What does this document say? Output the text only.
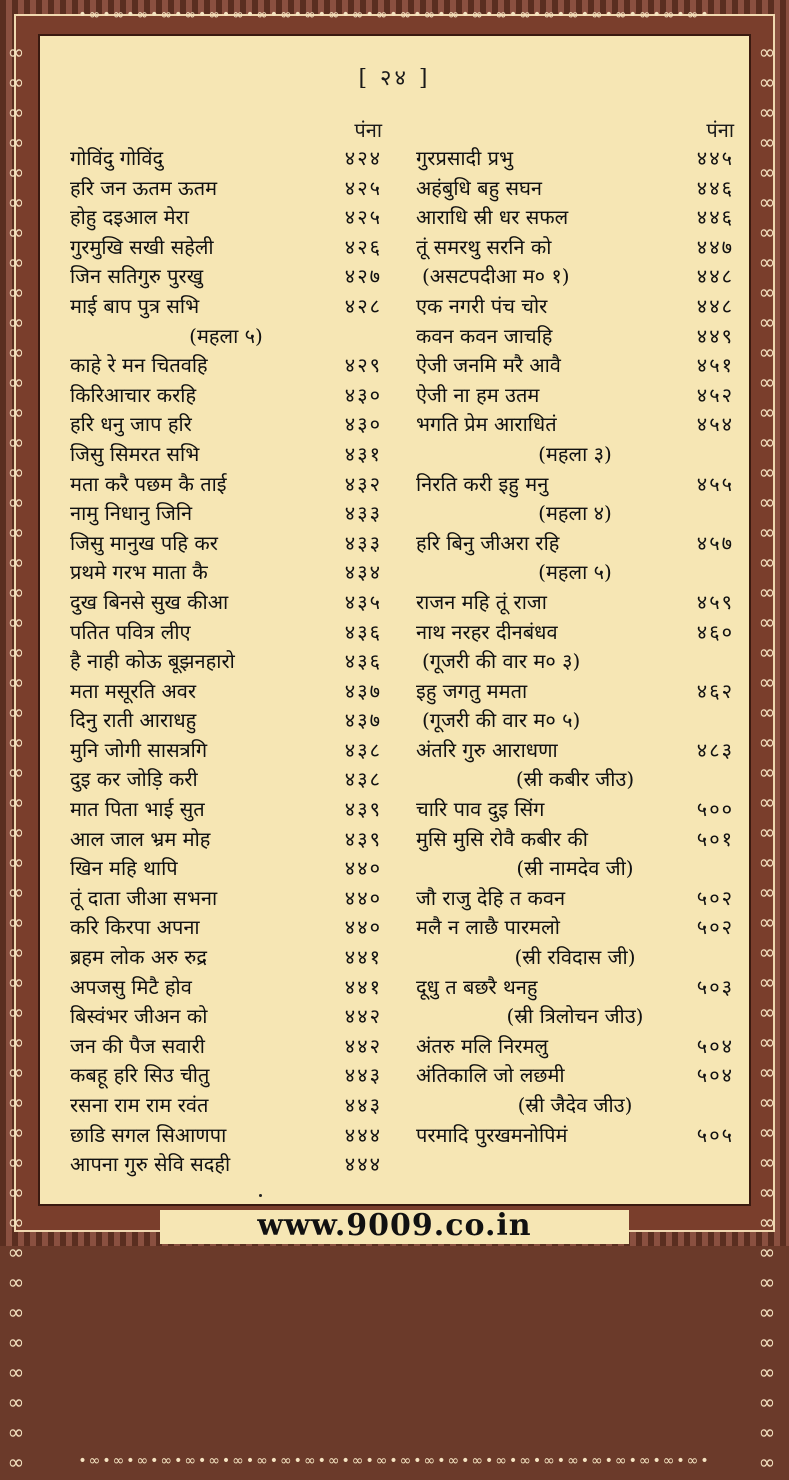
•∞•∞•∞•∞•∞•∞•∞•∞•∞•∞•∞•∞•∞•∞•∞•∞•∞•∞•∞•∞•∞•∞•∞•∞•∞•∞•
•∞•∞•∞•∞•∞•∞•∞•∞•∞•∞•∞•∞•∞•∞•∞•∞•∞•∞•∞•∞•∞•∞•∞•∞•∞•∞•
∞∞∞∞∞∞∞∞∞∞∞∞∞∞∞∞∞∞∞∞∞∞∞∞∞∞∞∞∞∞∞∞∞∞∞∞∞∞∞∞∞∞∞∞∞∞∞∞	∞∞∞∞∞∞∞∞∞∞∞∞∞∞∞∞∞∞∞∞∞∞∞∞∞∞∞∞∞∞∞∞∞∞∞∞∞∞∞∞∞∞∞∞∞∞∞∞
[ २४ ]
पंना
गोविंदु गोविंदु	४२४
हरि जन ऊतम ऊतम	४२५
होहु दइआल मेरा	४२५
गुरमुखि सखी सहेली	४२६
जिन सतिगुरु पुरखु	४२७
माई बाप पुत्र सभि	४२८
(महला ५)
काहे रे मन चितवहि	४२९
किरिआचार करहि	४३०
हरि धनु जाप हरि	४३०
जिसु सिमरत सभि	४३१
मता करै पछम कै ताई	४३२
नामु निधानु जिनि	४३३
जिसु मानुख पहि कर	४३३
प्रथमे गरभ माता कै	४३४
दुख बिनसे सुख कीआ	४३५
पतित पवित्र लीए	४३६
है नाही कोऊ बूझनहारो	४३६
मता मसूरति अवर	४३७
दिनु राती आराधहु	४३७
मुनि जोगी सासत्रगि	४३८
दुइ कर जोड़ि करी	४३८
मात पिता भाई सुत	४३९
आल जाल भ्रम मोह	४३९
खिन महि थापि	४४०
तूं दाता जीआ सभना	४४०
करि किरपा अपना	४४०
ब्रहम लोक अरु रुद्र	४४१
अपजसु मिटै होव	४४१
बिस्वंभर जीअन को	४४२
जन की पैज सवारी	४४२
कबहू हरि सिउ चीतु	४४३
रसना राम राम रवंत	४४३
छाडि सगल सिआणपा	४४४
आपना गुरु सेवि सदही	४४४
पंना
गुरप्रसादी प्रभु	४४५
अहंबुधि बहु सघन	४४६
आराधि स्री धर सफल	४४६
तूं समरथु सरनि को	४४७
(असटपदीआ म० १)	४४८
एक नगरी पंच चोर	४४८
कवन कवन जाचहि	४४९
ऐजी जनमि मरै आवै	४५१
ऐजी ना हम उतम	४५२
भगति प्रेम आराधितं	४५४
(महला ३)
निरति करी इहु मनु	४५५
(महला ४)
हरि बिनु जीअरा रहि	४५७
(महला ५)
राजन महि तूं राजा	४५९
नाथ नरहर दीनबंधव	४६०
(गूजरी की वार म० ३)
इहु जगतु ममता	४६२
(गूजरी की वार म० ५)
अंतरि गुरु आराधणा	४८३
(स्री कबीर जीउ)
चारि पाव दुइ सिंग	५००
मुसि मुसि रोवै कबीर की	५०१
(स्री नामदेव जी)
जौ राजु देहि त कवन	५०२
मलै न लाछै पारमलो	५०२
(स्री रविदास जी)
दूधु त बछरै थनहु	५०३
(स्री त्रिलोचन जीउ)
अंतरु मलि निरमलु	५०४
अंतिकालि जो लछमी	५०४
(स्री जैदेव जीउ)
परमादि पुरखमनोपिमं	५०५
www.9009.co.in
